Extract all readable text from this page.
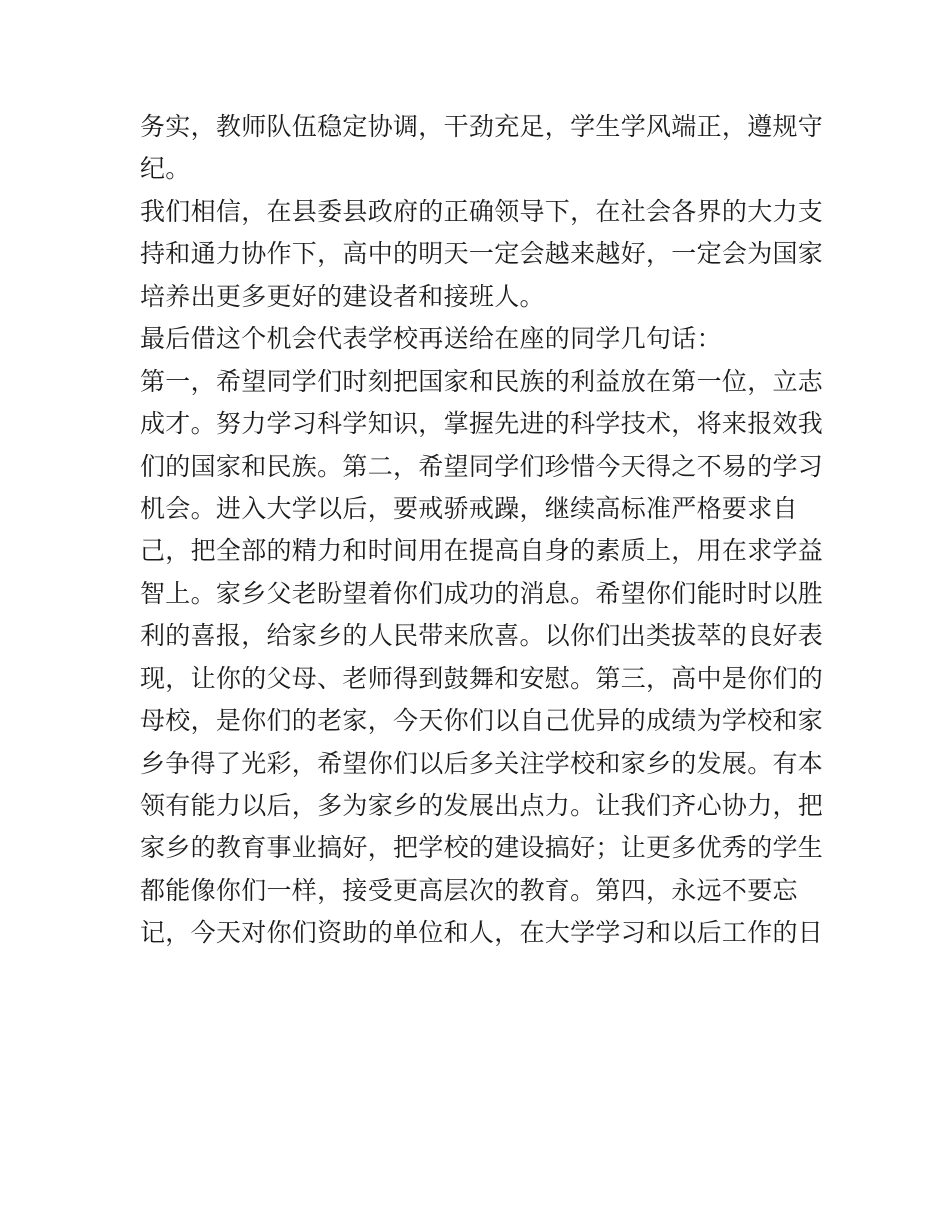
务实，教师队伍稳定协调，干劲充足，学生学风端正，遵规守
纪。
我们相信，在县委县政府的正确领导下，在社会各界的大力支
持和通力协作下，高中的明天一定会越来越好，一定会为国家
培养出更多更好的建设者和接班人。
最后借这个机会代表学校再送给在座的同学几句话：
第一，希望同学们时刻把国家和民族的利益放在第一位，立志
成才。努力学习科学知识，掌握先进的科学技术，将来报效我
们的国家和民族。第二，希望同学们珍惜今天得之不易的学习
机会。进入大学以后，要戒骄戒躁，继续高标准严格要求自
己，把全部的精力和时间用在提高自身的素质上，用在求学益
智上。家乡父老盼望着你们成功的消息。希望你们能时时以胜
利的喜报，给家乡的人民带来欣喜。以你们出类拔萃的良好表
现，让你的父母、老师得到鼓舞和安慰。第三，高中是你们的
母校，是你们的老家，今天你们以自己优异的成绩为学校和家
乡争得了光彩，希望你们以后多关注学校和家乡的发展。有本
领有能力以后，多为家乡的发展出点力。让我们齐心协力，把
家乡的教育事业搞好，把学校的建设搞好；让更多优秀的学生
都能像你们一样，接受更高层次的教育。第四，永远不要忘
记，今天对你们资助的单位和人，在大学学习和以后工作的日
